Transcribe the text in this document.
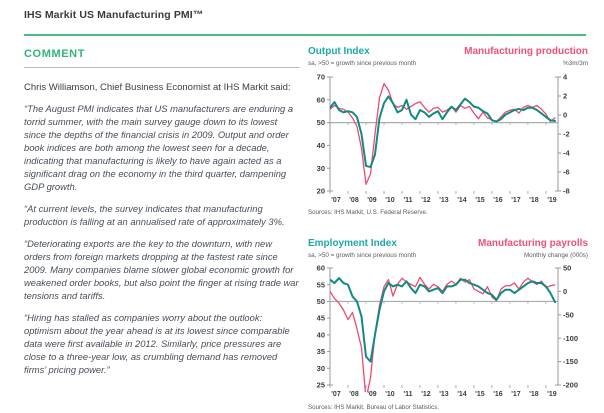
IHS Markit US Manufacturing PMI™
COMMENT

Chris Williamson, Chief Business Economist at IHS Markit said:

“The August PMI indicates that US manufacturers are enduring a torrid summer, with the main survey gauge down to its lowest since the depths of the financial crisis in 2009. Output and order book indices are both among the lowest seen for a decade, indicating that manufacturing is likely to have again acted as a significant drag on the economy in the third quarter, dampening GDP growth.

“At current levels, the survey indicates that manufacturing production is falling at an annualised rate of approximately 3%.

“Deteriorating exports are the key to the downturn, with new orders from foreign markets dropping at the fastest rate since 2009. Many companies blame slower global economic growth for weakened order books, but also point the finger at rising trade war tensions and tariffs.

“Hiring has stalled as companies worry about the outlook: optimism about the year ahead is at its lowest since comparable data were first available in 2012. Similarly, price pressures are close to a three-year low, as crumbling demand has removed firms’ pricing power.”

Output Index	Manufacturing production
sa, >50 = growth since previous month	%3m/3m
70
60
50
40
30
20
4
2
0
-2
-4
-6
-8
'07 '08 '09 '10 '11 '12 '13 '14 '15 '16 '17 '18 '19
Sources: IHS Markit, U.S. Federal Reserve.
Employment Index	Manufacturing payrolls
sa, >50 = growth since previous month	Monthly change (000s)
60
55
50
45
40
35
30
25
50
0
-50
-100
-150
-200
'07 '08 '09 '10 '11 '12 '13 '14 '15 '16 '17 '18 '19
Sources: IHS Markit, Bureau of Labor Statistics.
